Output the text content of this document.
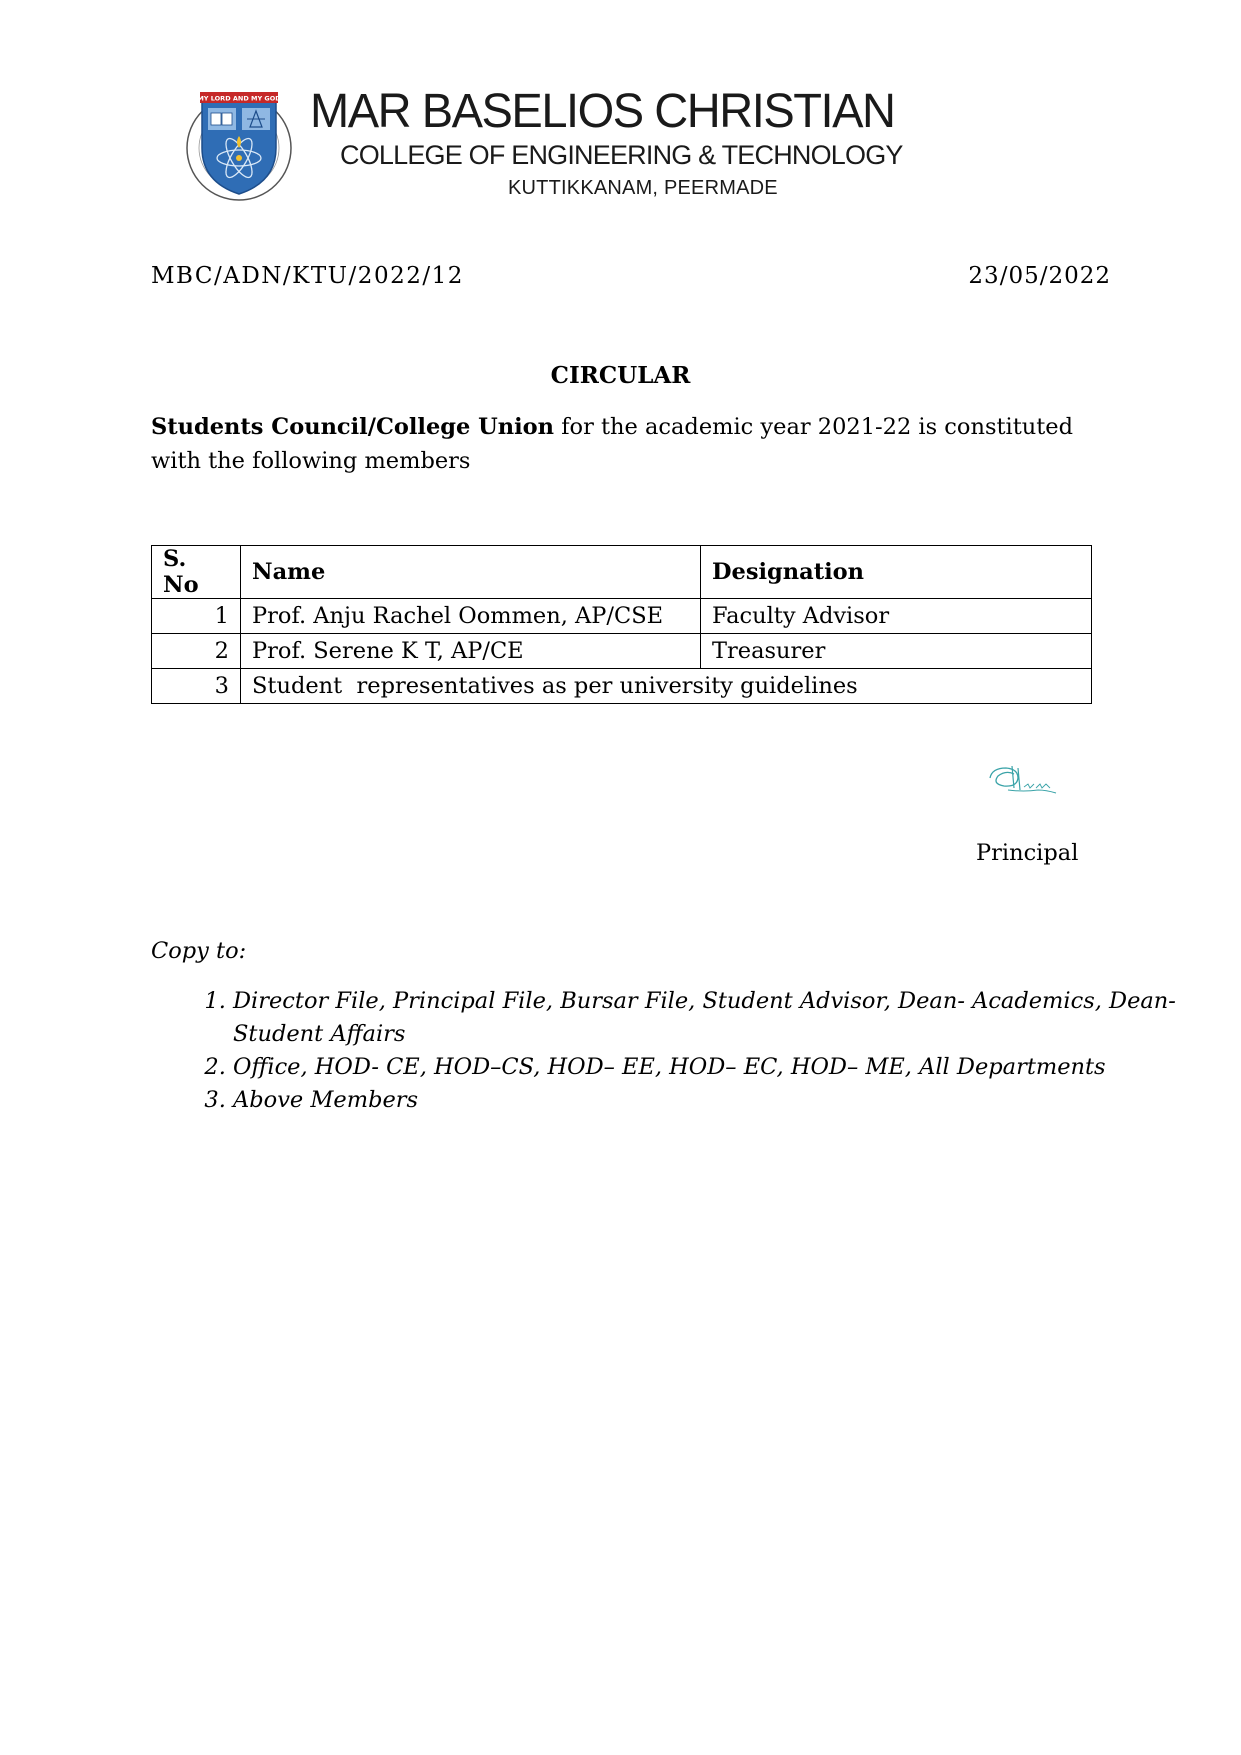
MY LORD AND MY GOD MAR BASELIOS CHRISTIAN
COLLEGE OF ENGINEERING & TECHNOLOGY
KUTTIKKANAM, PEERMADE
MBC/ADN/KTU/2022/12	23/05/2022
CIRCULAR
Students Council/College Union for the academic year 2021-22 is constituted with the following members
S. No	Name	Designation
1	Prof. Anju Rachel Oommen, AP/CSE	Faculty Advisor
2	Prof. Serene K T, AP/CE	Treasurer
3	Student  representatives as per university guidelines	
Principal
Copy to:
1. Director File, Principal File, Bursar File, Student Advisor, Dean- Academics, Dean- Student Affairs
2. Office, HOD- CE, HOD–CS, HOD– EE, HOD– EC, HOD– ME, All Departments
3. Above Members
